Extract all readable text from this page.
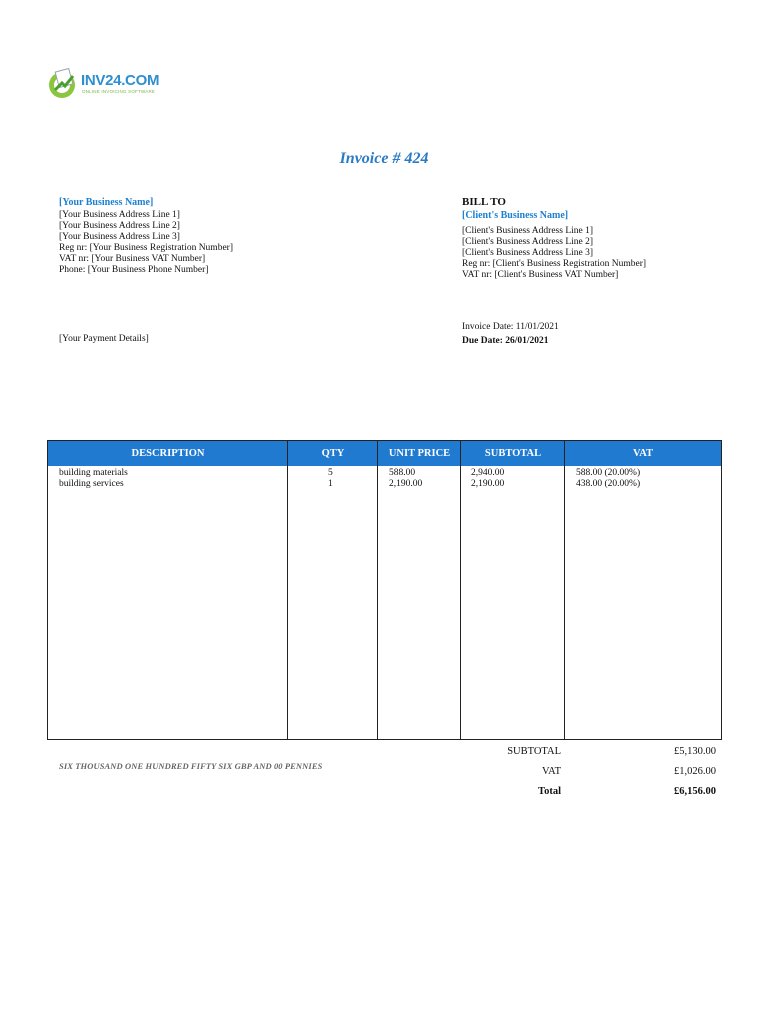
INV24.COM
ONLINE INVOICING SOFTWARE
Invoice # 424
[Your Business Name]
[Your Business Address Line 1]
[Your Business Address Line 2]
[Your Business Address Line 3]
Reg nr: [Your Business Registration Number]
VAT nr: [Your Business VAT Number]
Phone: [Your Business Phone Number]
BILL TO
[Client's Business Name]
[Client's Business Address Line 1]
[Client's Business Address Line 2]
[Client's Business Address Line 3]
Reg nr: [Client's Business Registration Number]
VAT nr: [Client's Business VAT Number]
[Your Payment Details]
Invoice Date: 11/01/2021
Due Date: 26/01/2021
DESCRIPTION	QTY	UNIT PRICE	SUBTOTAL	VAT
building materials	5	588.00	2,940.00	588.00 (20.00%)
building services	1	2,190.00	2,190.00	438.00 (20.00%)
SIX THOUSAND ONE HUNDRED FIFTY SIX GBP AND 00 PENNIES
SUBTOTAL	£5,130.00
VAT	£1,026.00
Total	£6,156.00
